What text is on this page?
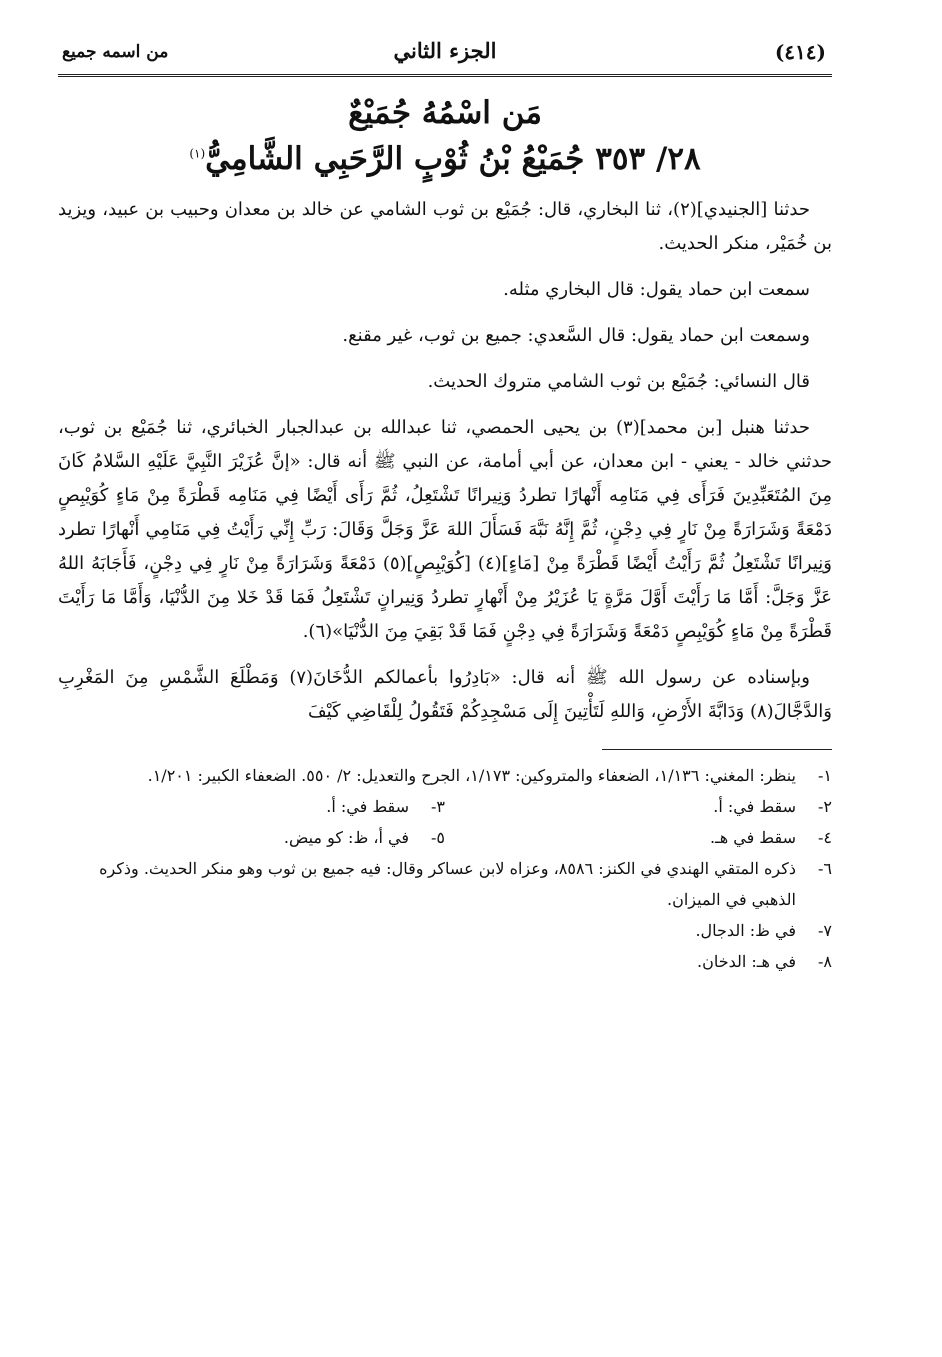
(٤١٤)
الجزء الثاني
من اسمه جميع
مَن اسْمُهُ جُمَيْعٌ
٢٨/ ٣٥٣ جُمَيْعُ بْنُ ثُوْبٍ الرَّحَبِي الشَّامِيُّ$^{(١)}$

حدثنا [الجنيدي](٢)، ثنا البخاري، قال: جُمَيْع بن ثوب الشامي عن خالد بن معدان وحبيب بن عبيد، ويزيد بن خُمَيْر، منكر الحديث.

سمعت ابن حماد يقول: قال البخاري مثله.

وسمعت ابن حماد يقول: قال السَّعدي: جميع بن ثوب، غير مقنع.

قال النسائي: جُمَيْع بن ثوب الشامي متروك الحديث.

حدثنا هنبل [بن محمد](٣) بن يحيى الحمصي، ثنا عبدالله بن عبدالجبار الخبائري، ثنا جُمَيْع بن ثوب، حدثني خالد - يعني - ابن معدان، عن أبي أمامة، عن النبي ﷺ أنه قال: «إنَّ عُزَيْرَ النَّبِيَّ عَلَيْهِ السَّلامُ كَانَ مِنَ المُتَعَبِّدِينَ فَرَأَى فِي مَنَامِه أَنْهارًا تطردُ وَنِيرانًا تَشْتَعِلُ، ثُمَّ رَأَى أَيْضًا فِي مَنَامِه قَطْرَةً مِنْ مَاءٍ كُوَيْبِصٍ دَمْعَةً وَشَرَارَةً مِنْ نَارٍ فِي دِجْنٍ، ثُمَّ إِنَّهُ نَبَّهَ فَسَأَلَ اللهَ عَزَّ وَجَلَّ وَقَالَ: رَبِّ إِنِّي رَأَيْتُ فِي مَنَامِي أَنْهارًا تطرد وَنِيرانًا تَشْتَعِلُ ثُمَّ رَأَيْتُ أَيْضًا قَطْرَةً مِنْ [مَاءٍ](٤) [كُوَيْبِصٍ](٥) دَمْعَةً وَشَرَارَةً مِنْ نَارٍ فِي دِجْنٍ، فَأَجَابَهُ اللهُ عَزَّ وَجَلَّ: أَمَّا مَا رَأَيْتَ أَوَّلَ مَرَّةٍ يَا عُزَيْرُ مِنْ أَنْهارٍ تطردُ وَنِيرانٍ تَشْتَعِلُ فَمَا قَدْ خَلا مِنَ الدُّنْيَا، وَأَمَّا مَا رَأَيْتَ قَطْرَةً مِنْ مَاءٍ كُوَيْبِصٍ دَمْعَةً وَشَرَارَةً فِي دِجْنٍ فَمَا قَدْ بَقِيَ مِنَ الدُّنْيَا»(٦).

وبإسناده عن رسول الله ﷺ أنه قال: «بَادِرُوا بأعمالكم الدُّخَانَ(٧) وَمَطْلَعَ الشَّمْسِ مِنَ المَغْرِبِ وَالدَّجَّالَ(٨) وَدَابَّةَ الأَرْضِ، وَاللهِ لَتَأْتِينَ إِلَى مَسْجِدِكُمْ فَتَقُولُ لِلْقَاضِي كَيْفَ

١-
ينظر: المغني: ١/١٣٦، الضعفاء والمتروكين: ١/١٧٣، الجرح والتعديل: ٢/ ٥٥٠. الضعفاء الكبير: ١/٢٠١.
٢-
سقط في: أ.
٣-
سقط في: أ.
٤-
سقط في هـ.
٥-
في أ، ظ: كو ميض.
٦-
ذكره المتقي الهندي في الكنز: ٨٥٨٦، وعزاه لابن عساكر وقال: فيه جميع بن ثوب وهو منكر الحديث. وذكره الذهبي في الميزان.
٧-
في ظ: الدجال.
٨-
في هـ: الدخان.
